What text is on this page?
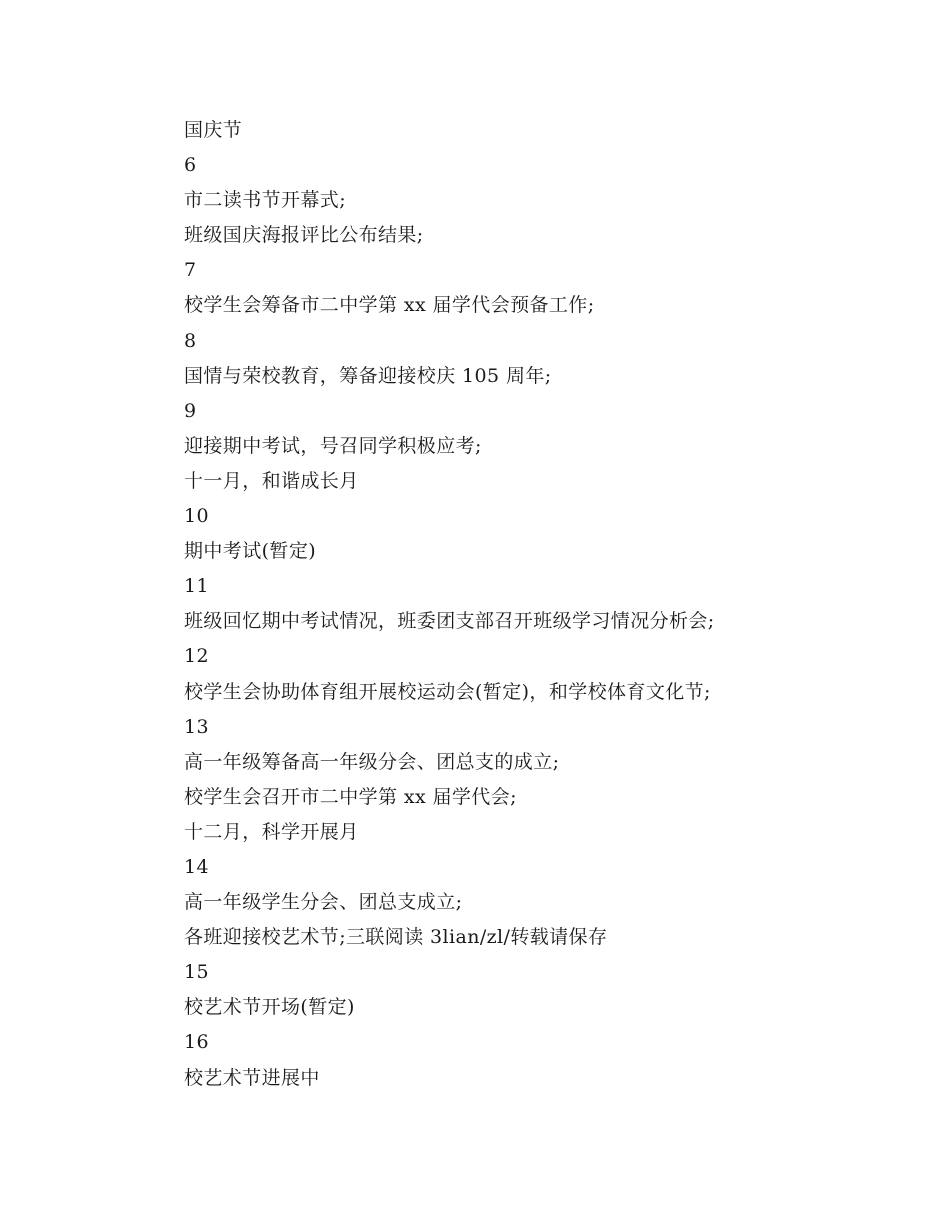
国庆节
6
市二读书节开幕式;
班级国庆海报评比公布结果;
7
校学生会筹备市二中学第 xx 届学代会预备工作;
8
国情与荣校教育，筹备迎接校庆 105 周年;
9
迎接期中考试，号召同学积极应考;
十一月，和谐成长月
10
期中考试(暂定)
11
班级回忆期中考试情况，班委团支部召开班级学习情况分析会;
12
校学生会协助体育组开展校运动会(暂定)，和学校体育文化节;
13
高一年级筹备高一年级分会、团总支的成立;
校学生会召开市二中学第 xx 届学代会;
十二月，科学开展月
14
高一年级学生分会、团总支成立;
各班迎接校艺术节;三联阅读 3lian/zl/转载请保存
15
校艺术节开场(暂定)
16
校艺术节进展中
